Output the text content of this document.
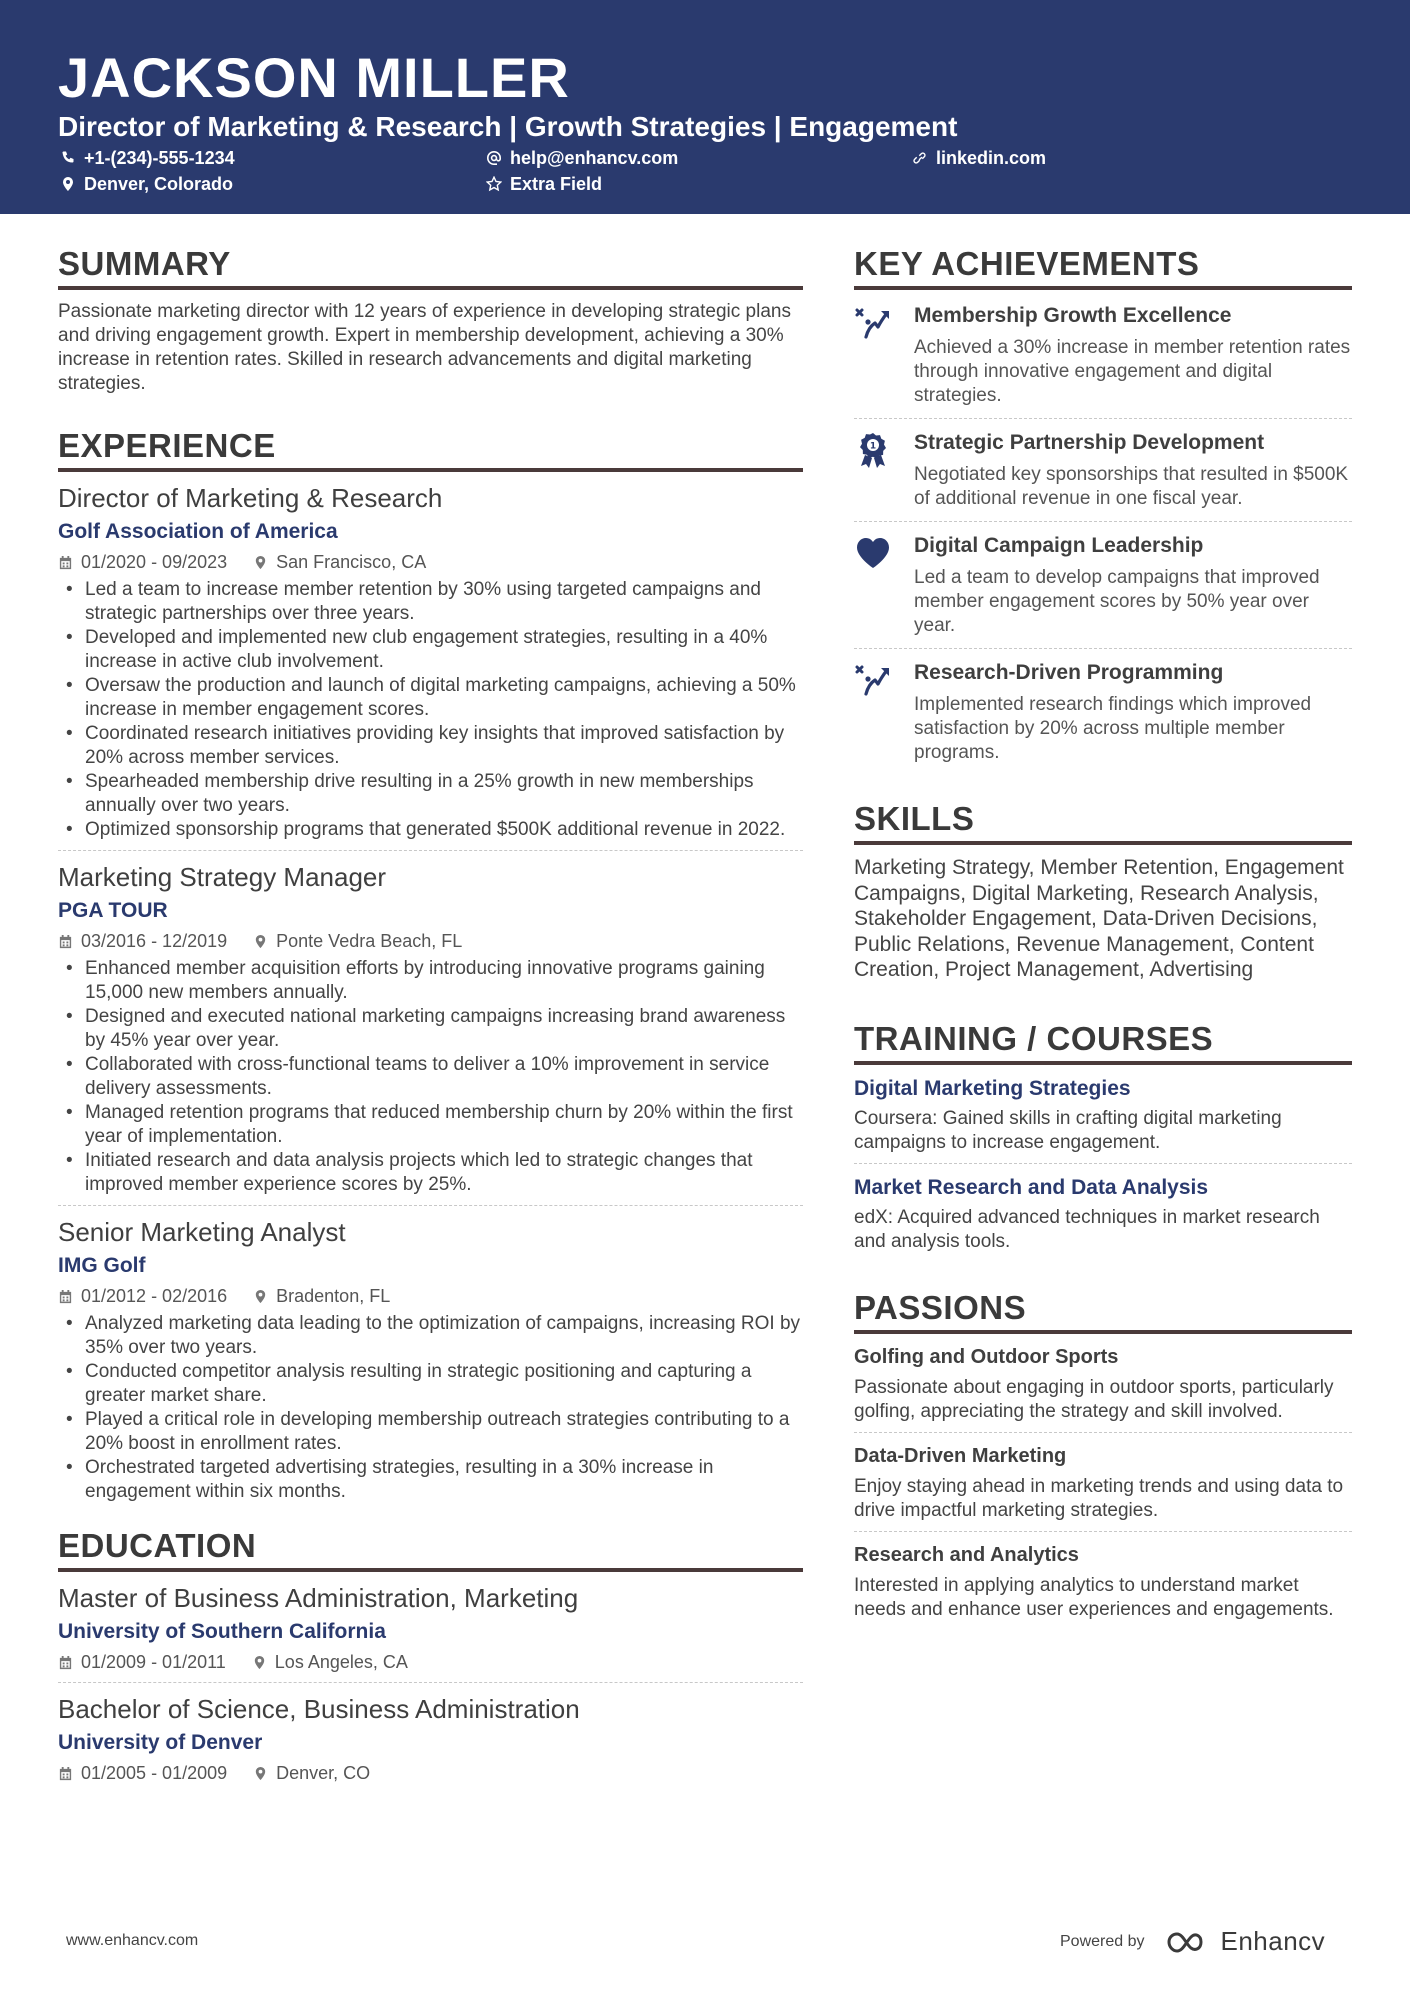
JACKSON MILLER
Director of Marketing & Research | Growth Strategies | Engagement
+1-(234)-555-1234	help@enhancv.com	linkedin.com
Denver, Colorado	Extra Field
SUMMARY
Passionate marketing director with 12 years of experience in developing strategic plans and driving engagement growth. Expert in membership development, achieving a 30% increase in retention rates. Skilled in research advancements and digital marketing strategies.
EXPERIENCE
Director of Marketing & Research
Golf Association of America
01/2020 - 09/2023	San Francisco, CA
• Led a team to increase member retention by 30% using targeted campaigns and strategic partnerships over three years.
• Developed and implemented new club engagement strategies, resulting in a 40% increase in active club involvement.
• Oversaw the production and launch of digital marketing campaigns, achieving a 50% increase in member engagement scores.
• Coordinated research initiatives providing key insights that improved satisfaction by 20% across member services.
• Spearheaded membership drive resulting in a 25% growth in new memberships annually over two years.
• Optimized sponsorship programs that generated $500K additional revenue in 2022.
Marketing Strategy Manager
PGA TOUR
03/2016 - 12/2019	Ponte Vedra Beach, FL
• Enhanced member acquisition efforts by introducing innovative programs gaining 15,000 new members annually.
• Designed and executed national marketing campaigns increasing brand awareness by 45% year over year.
• Collaborated with cross-functional teams to deliver a 10% improvement in service delivery assessments.
• Managed retention programs that reduced membership churn by 20% within the first year of implementation.
• Initiated research and data analysis projects which led to strategic changes that improved member experience scores by 25%.
Senior Marketing Analyst
IMG Golf
01/2012 - 02/2016	Bradenton, FL
• Analyzed marketing data leading to the optimization of campaigns, increasing ROI by 35% over two years.
• Conducted competitor analysis resulting in strategic positioning and capturing a greater market share.
• Played a critical role in developing membership outreach strategies contributing to a 20% boost in enrollment rates.
• Orchestrated targeted advertising strategies, resulting in a 30% increase in engagement within six months.
EDUCATION
Master of Business Administration, Marketing
University of Southern California
01/2009 - 01/2011	Los Angeles, CA
Bachelor of Science, Business Administration
University of Denver
01/2005 - 01/2009	Denver, CO
KEY ACHIEVEMENTS
Membership Growth Excellence
Achieved a 30% increase in member retention rates through innovative engagement and digital strategies.
1 Strategic Partnership Development
Negotiated key sponsorships that resulted in $500K of additional revenue in one fiscal year.
Digital Campaign Leadership
Led a team to develop campaigns that improved member engagement scores by 50% year over year.
Research-Driven Programming
Implemented research findings which improved satisfaction by 20% across multiple member programs.
SKILLS
Marketing Strategy, Member Retention, Engagement Campaigns, Digital Marketing, Research Analysis, Stakeholder Engagement, Data-Driven Decisions, Public Relations, Revenue Management, Content Creation, Project Management, Advertising
TRAINING / COURSES
Digital Marketing Strategies
Coursera: Gained skills in crafting digital marketing campaigns to increase engagement.
Market Research and Data Analysis
edX: Acquired advanced techniques in market research and analysis tools.
PASSIONS
Golfing and Outdoor Sports
Passionate about engaging in outdoor sports, particularly golfing, appreciating the strategy and skill involved.
Data-Driven Marketing
Enjoy staying ahead in marketing trends and using data to drive impactful marketing strategies.
Research and Analytics
Interested in applying analytics to understand market needs and enhance user experiences and engagements.
www.enhancv.com	Powered by	Enhancv
